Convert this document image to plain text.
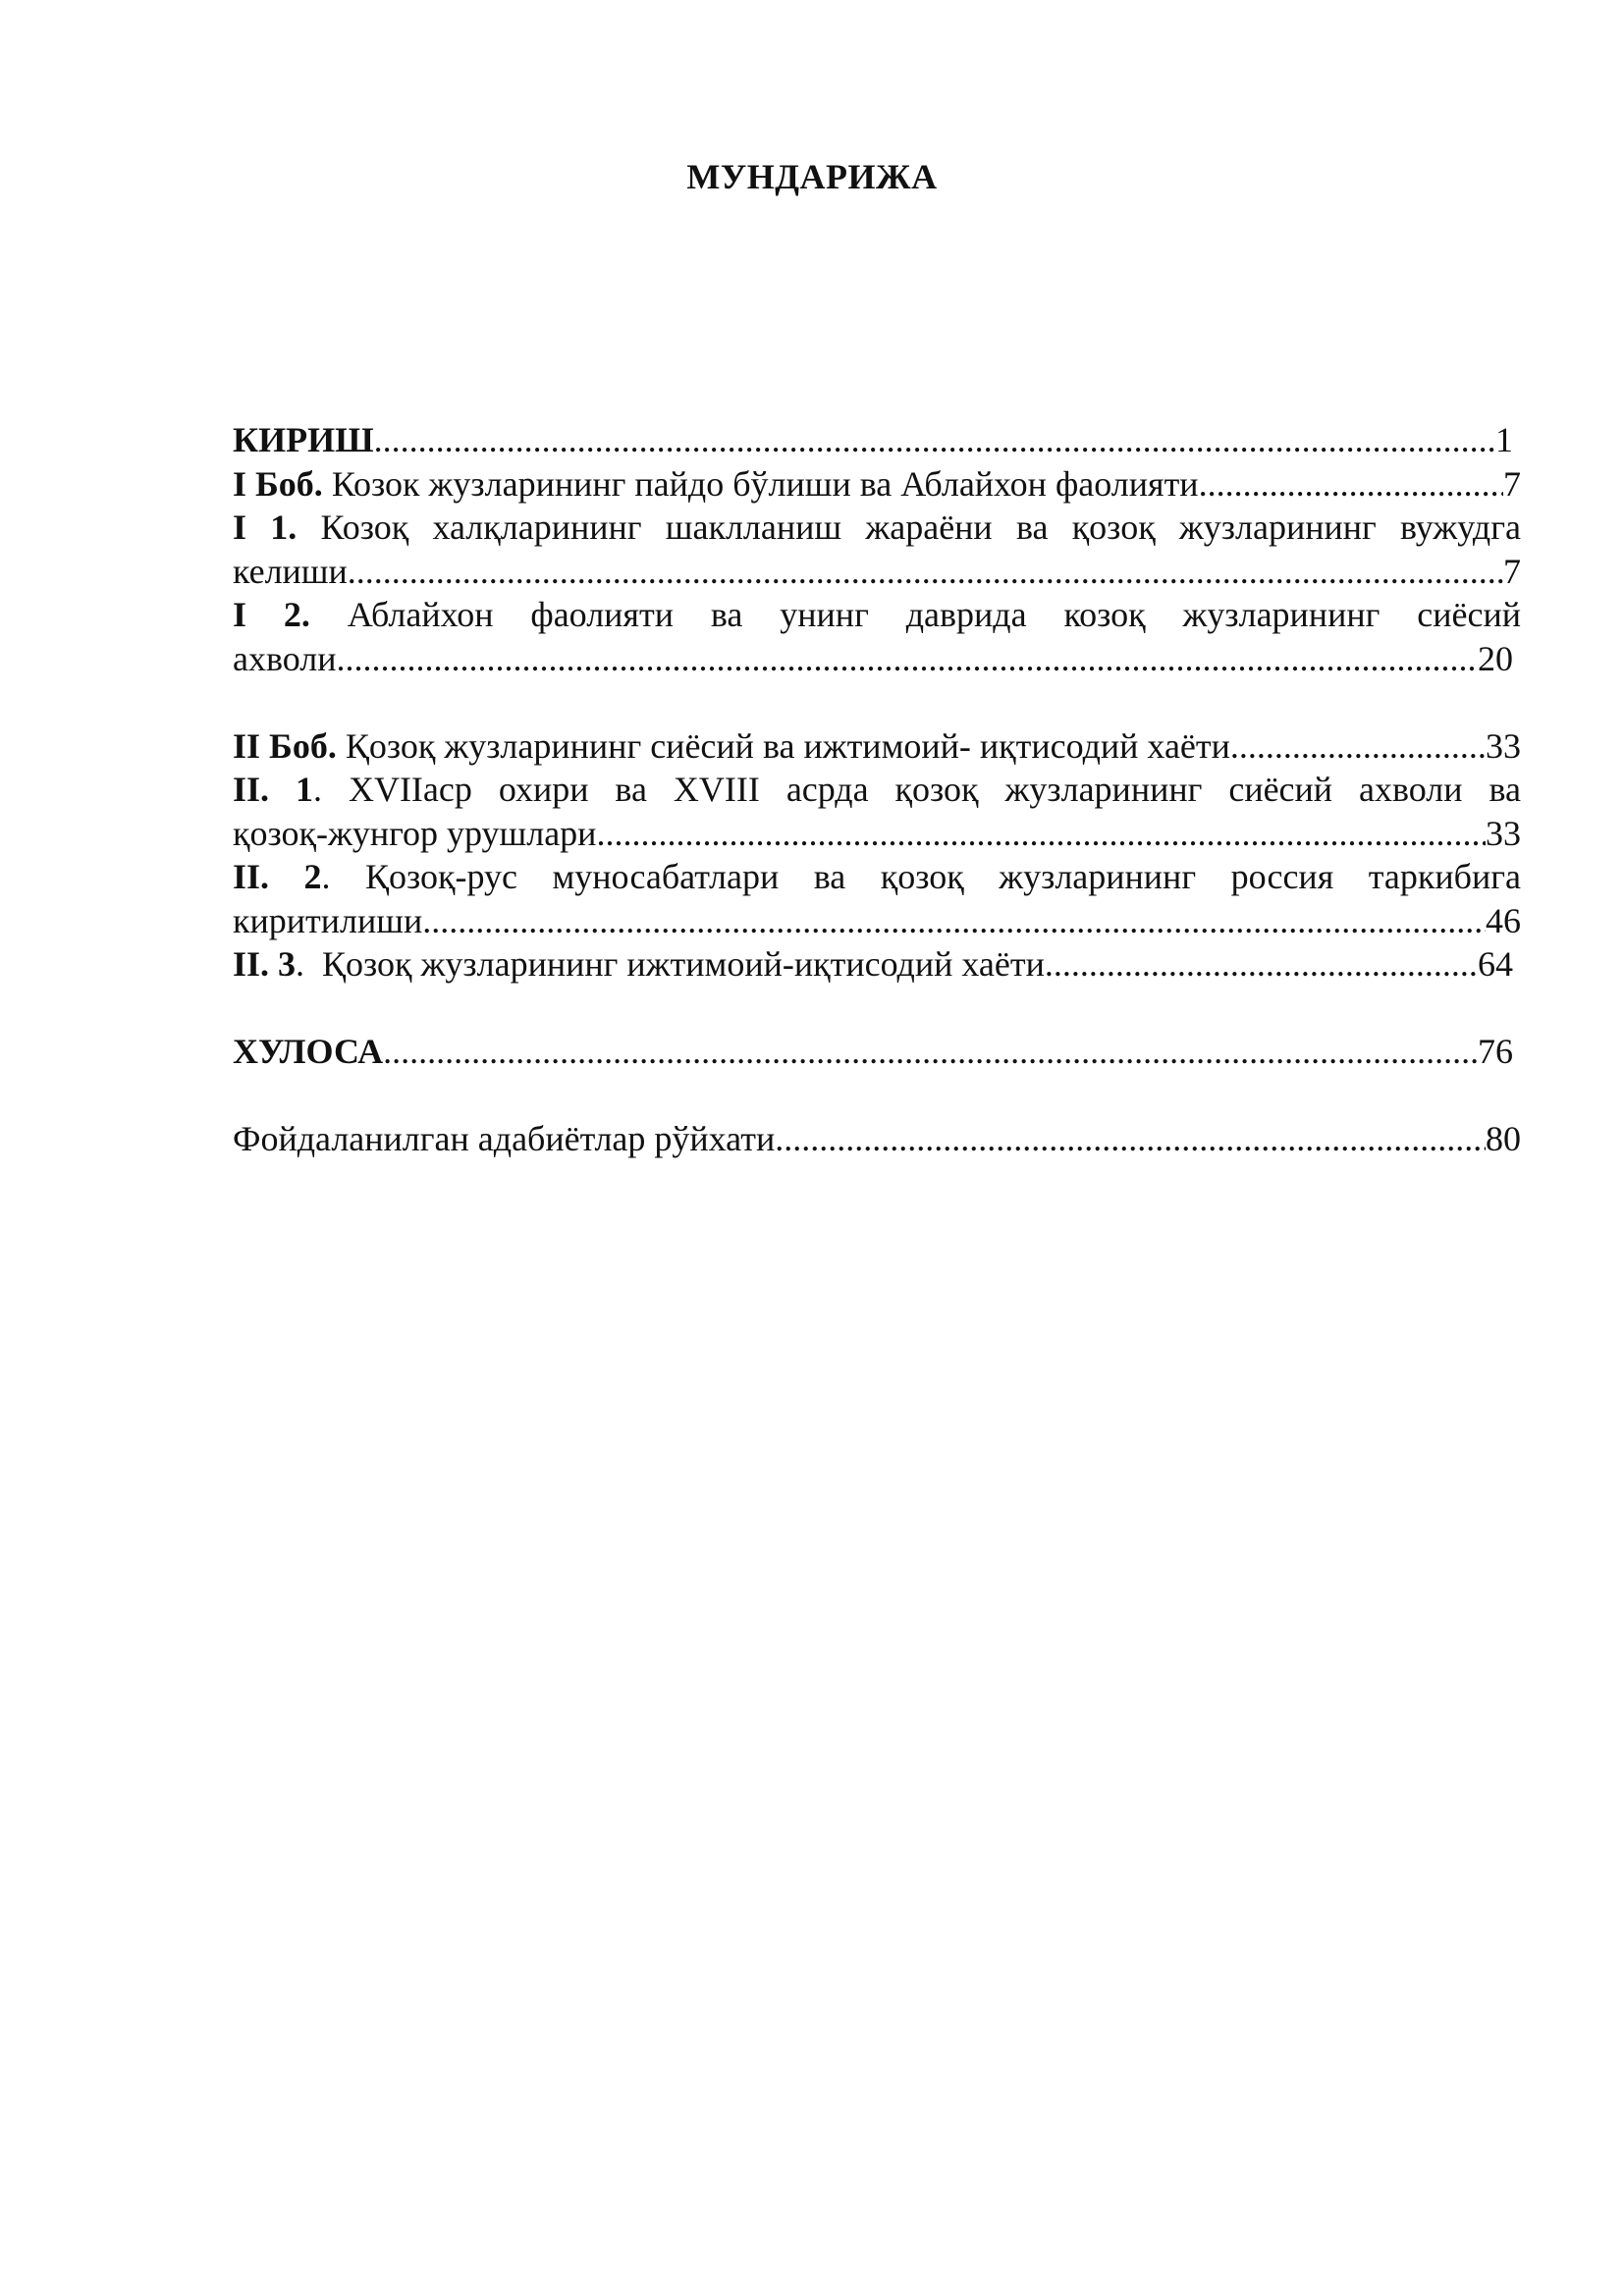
МУНДАРИЖА
КИРИШ .....	1
I Боб. Козок жузларининг пайдо бўлиши ва Аблайхон фаолияти .....	7
I 1. Козоқ халқларининг шаклланиш жараёни ва қозоқ жузларининг вужудга
келиши .....	7
I 2. Аблайхон фаолияти ва унинг даврида козоқ жузларининг сиёсий
ахволи .....	20
II Боб. Қозоқ жузларининг сиёсий ва ижтимоий- иқтисодий хаёти .....	33
II. 1. XVIIаср охири ва XVIII асрда қозоқ жузларининг сиёсий ахволи ва
қозоқ-жунгор урушлари .....	33
II. 2. Қозоқ-рус муносабатлари ва қозоқ жузларининг россия таркибига
киритилиши .....	46
II. 3.  Қозоқ жузларининг ижтимоий-иқтисодий хаёти .....	64
ХУЛОСА .....	76
Фойдаланилган адабиётлар рўйхати .....	80
